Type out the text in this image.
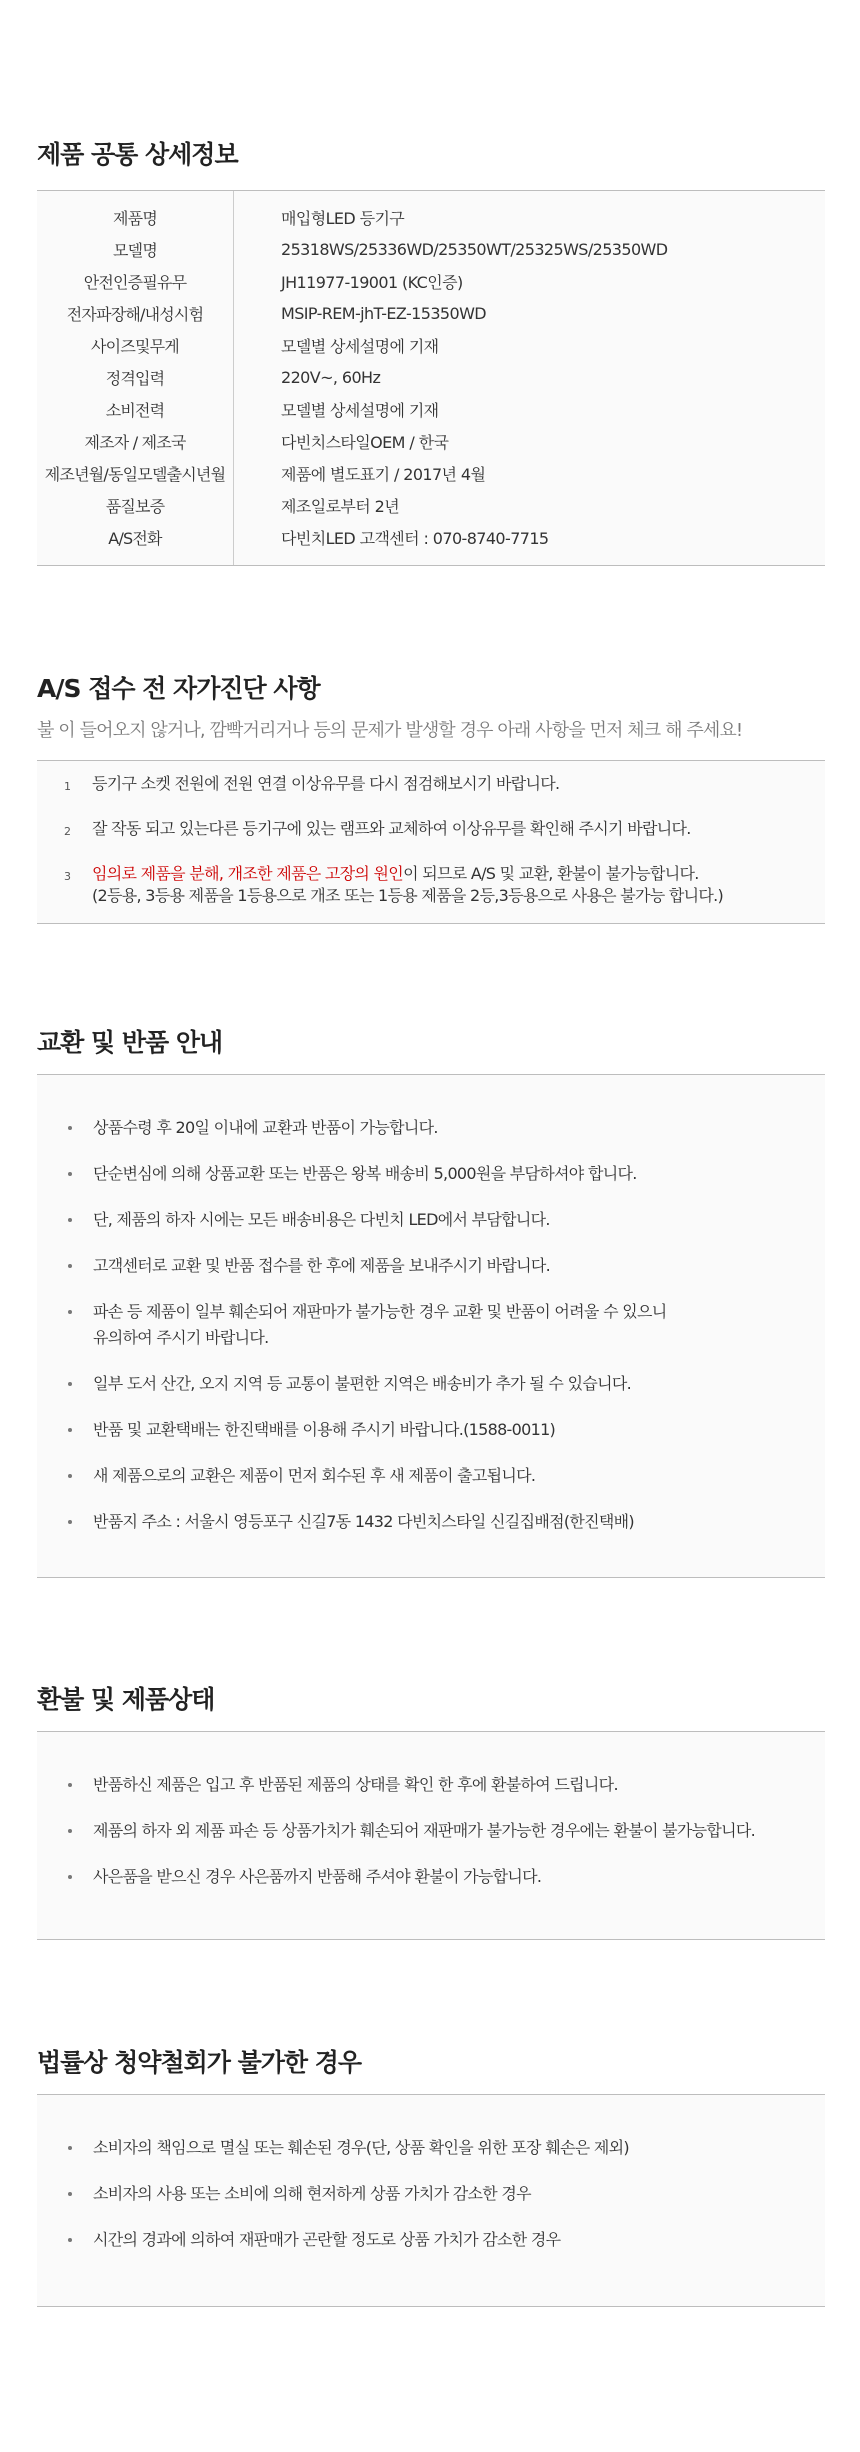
제품 공통 상세정보
제품명	매입형LED 등기구
모델명	25318WS/25336WD/25350WT/25325WS/25350WD
안전인증필유무	JH11977-19001 (KC인증)
전자파장해/내성시험	MSIP-REM-jhT-EZ-15350WD
사이즈및무게	모델별 상세설명에 기재
정격입력	220V~, 60Hz
소비전력	모델별 상세설명에 기재
제조자 / 제조국	다빈치스타일OEM / 한국
제조년월/동일모델출시년월	제품에 별도표기 / 2017년 4월
품질보증	제조일로부터 2년
A/S전화	다빈치LED 고객센터 : 070-8740-7715
A/S 접수 전 자가진단 사항

불 이 들어오지 않거나, 깜빡거리거나 등의 문제가 발생할 경우 아래 사항을 먼저 체크 해 주세요!

1	등기구 소켓 전원에 전원 연결 이상유무를 다시 점검해보시기 바랍니다.
2	잘 작동 되고 있는다른 등기구에 있는 램프와 교체하여 이상유무를 확인해 주시기 바랍니다.
3	임의로 제품을 분해, 개조한 제품은 고장의 원인이 되므로 A/S 및 교환, 환불이 불가능합니다.
(2등용, 3등용 제품을 1등용으로 개조 또는 1등용 제품을 2등,3등용으로 사용은 불가능 합니다.)
교환 및 반품 안내
상품수령 후 20일 이내에 교환과 반품이 가능합니다.
단순변심에 의해 상품교환 또는 반품은 왕복 배송비 5,000원을 부담하셔야 합니다.
단, 제품의 하자 시에는 모든 배송비용은 다빈치 LED에서 부담합니다.
고객센터로 교환 및 반품 접수를 한 후에 제품을 보내주시기 바랍니다.
파손 등 제품이 일부 훼손되어 재판마가 불가능한 경우 교환 및 반품이 어려울 수 있으니
유의하여 주시기 바랍니다.
일부 도서 산간, 오지 지역 등 교통이 불편한 지역은 배송비가 추가 될 수 있습니다.
반품 및 교환택배는 한진택배를 이용해 주시기 바랍니다.(1588-0011)
새 제품으로의 교환은 제품이 먼저 회수된 후 새 제품이 출고됩니다.
반품지 주소 : 서울시 영등포구 신길7동 1432 다빈치스타일 신길집배점(한진택배)
환불 및 제품상태
반품하신 제품은 입고 후 반품된 제품의 상태를 확인 한 후에 환불하여 드립니다.
제품의 하자 외 제품 파손 등 상품가치가 훼손되어 재판매가 불가능한 경우에는 환불이 불가능합니다.
사은품을 받으신 경우 사은품까지 반품해 주셔야 환불이 가능합니다.
법률상 청약철회가 불가한 경우
소비자의 책임으로 멸실 또는 훼손된 경우(단, 상품 확인을 위한 포장 훼손은 제외)
소비자의 사용 또는 소비에 의해 현저하게 상품 가치가 감소한 경우
시간의 경과에 의하여 재판매가 곤란할 정도로 상품 가치가 감소한 경우
